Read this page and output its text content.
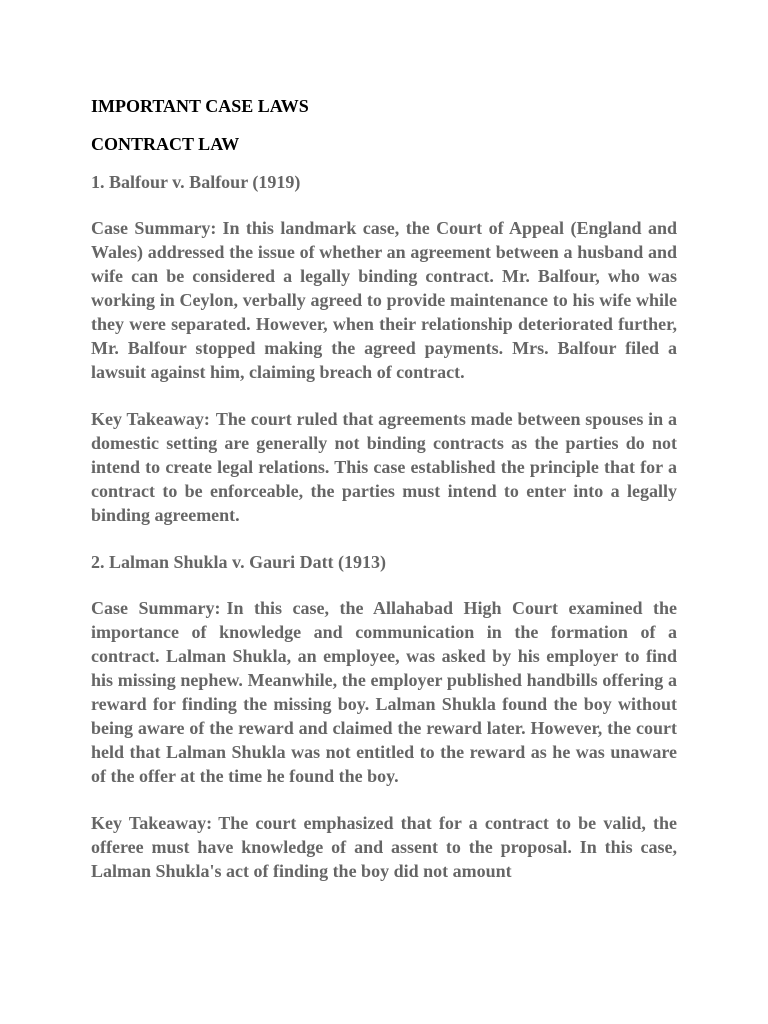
IMPORTANT CASE LAWS
CONTRACT LAW
1. Balfour v. Balfour (1919)

Case Summary: In this landmark case, the Court of Appeal (England and Wales) addressed the issue of whether an agreement between a husband and wife can be considered a legally binding contract. Mr. Balfour, who was working in Ceylon, verbally agreed to provide maintenance to his wife while they were separated. However, when their relationship deteriorated further, Mr. Balfour stopped making the agreed payments. Mrs. Balfour filed a lawsuit against him, claiming breach of contract.

Key Takeaway: The court ruled that agreements made between spouses in a domestic setting are generally not binding contracts as the parties do not intend to create legal relations. This case established the principle that for a contract to be enforceable, the parties must intend to enter into a legally binding agreement.

2. Lalman Shukla v. Gauri Datt (1913)

Case Summary: In this case, the Allahabad High Court examined the importance of knowledge and communication in the formation of a contract. Lalman Shukla, an employee, was asked by his employer to find his missing nephew. Meanwhile, the employer published handbills offering a reward for finding the missing boy. Lalman Shukla found the boy without being aware of the reward and claimed the reward later. However, the court held that Lalman Shukla was not entitled to the reward as he was unaware of the offer at the time he found the boy.

Key Takeaway: The court emphasized that for a contract to be valid, the offeree must have knowledge of and assent to the proposal. In this case, Lalman Shukla's act of finding the boy did not amount
